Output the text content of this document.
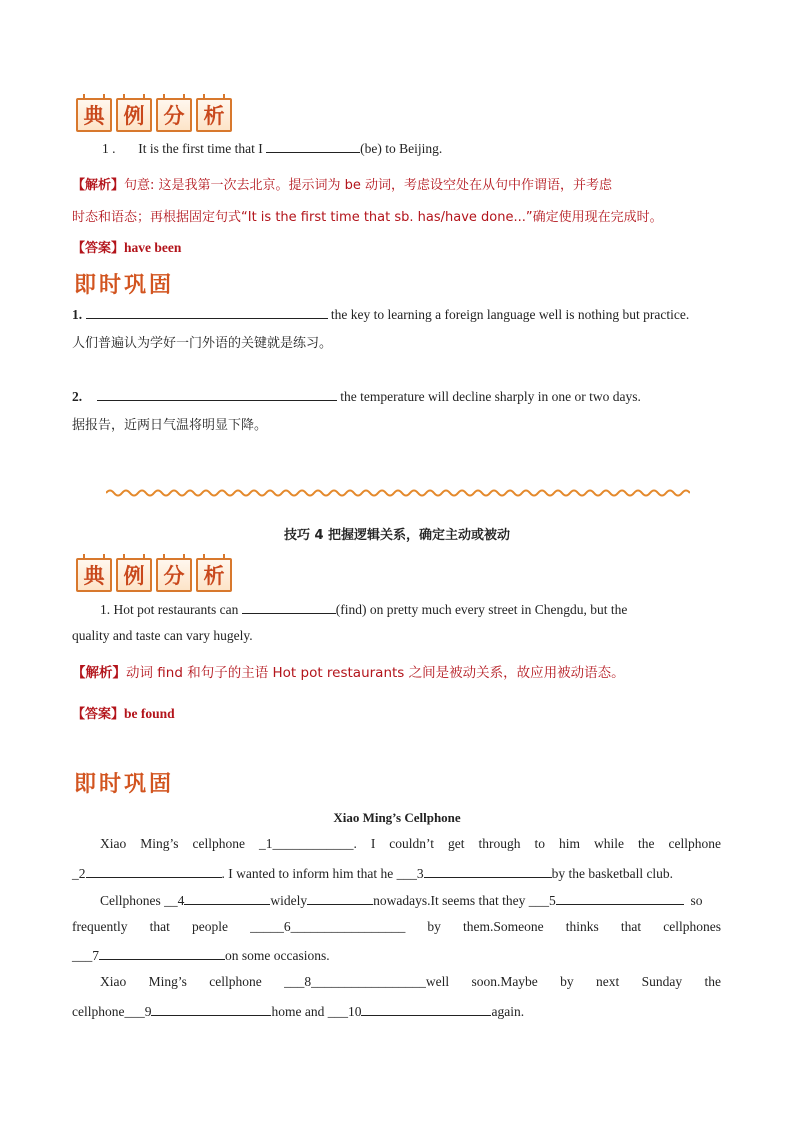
典 例 分 析
1 . It is the first time that I	(be) to Beijing.
【解析】句意: 这是我第一次去北京。提示词为 be 动词，考虑设空处在从句中作谓语，并考虑
时态和语态；再根据固定句式“It is the first time that sb. has/have done...”确定使用现在完成时。
【答案】have been
即 时 巩 固
1.	the key to learning a foreign language well is nothing but practice.
人们普遍认为学好一门外语的关键就是练习。
2.	the temperature will decline sharply in one or two days.
据报告，近两日气温将明显下降。
技巧 4 把握逻辑关系，确定主动或被动
典 例 分 析
1. Hot pot restaurants can	(find) on pretty much every street in Chengdu, but the
quality and taste can vary hugely.
【解析】动词 find 和句子的主语 Hot pot restaurants 之间是被动关系，故应用被动语态。
【答案】be found
即 时 巩 固
Xiao Ming’s Cellphone
Xiao Ming’s cellphone _1____________. I couldn’t get through to him while the cellphone
_2	. I wanted to inform him that he ___3	by the basketball club.
Cellphones __4	widely	nowadays.It seems that they ___5	so
frequently that people _____6_________________ by them.Someone thinks that cellphones
___7	on some occasions.
Xiao Ming’s cellphone ___8_________________well soon.Maybe by next Sunday the
cellphone___9	home and ___10	again.
